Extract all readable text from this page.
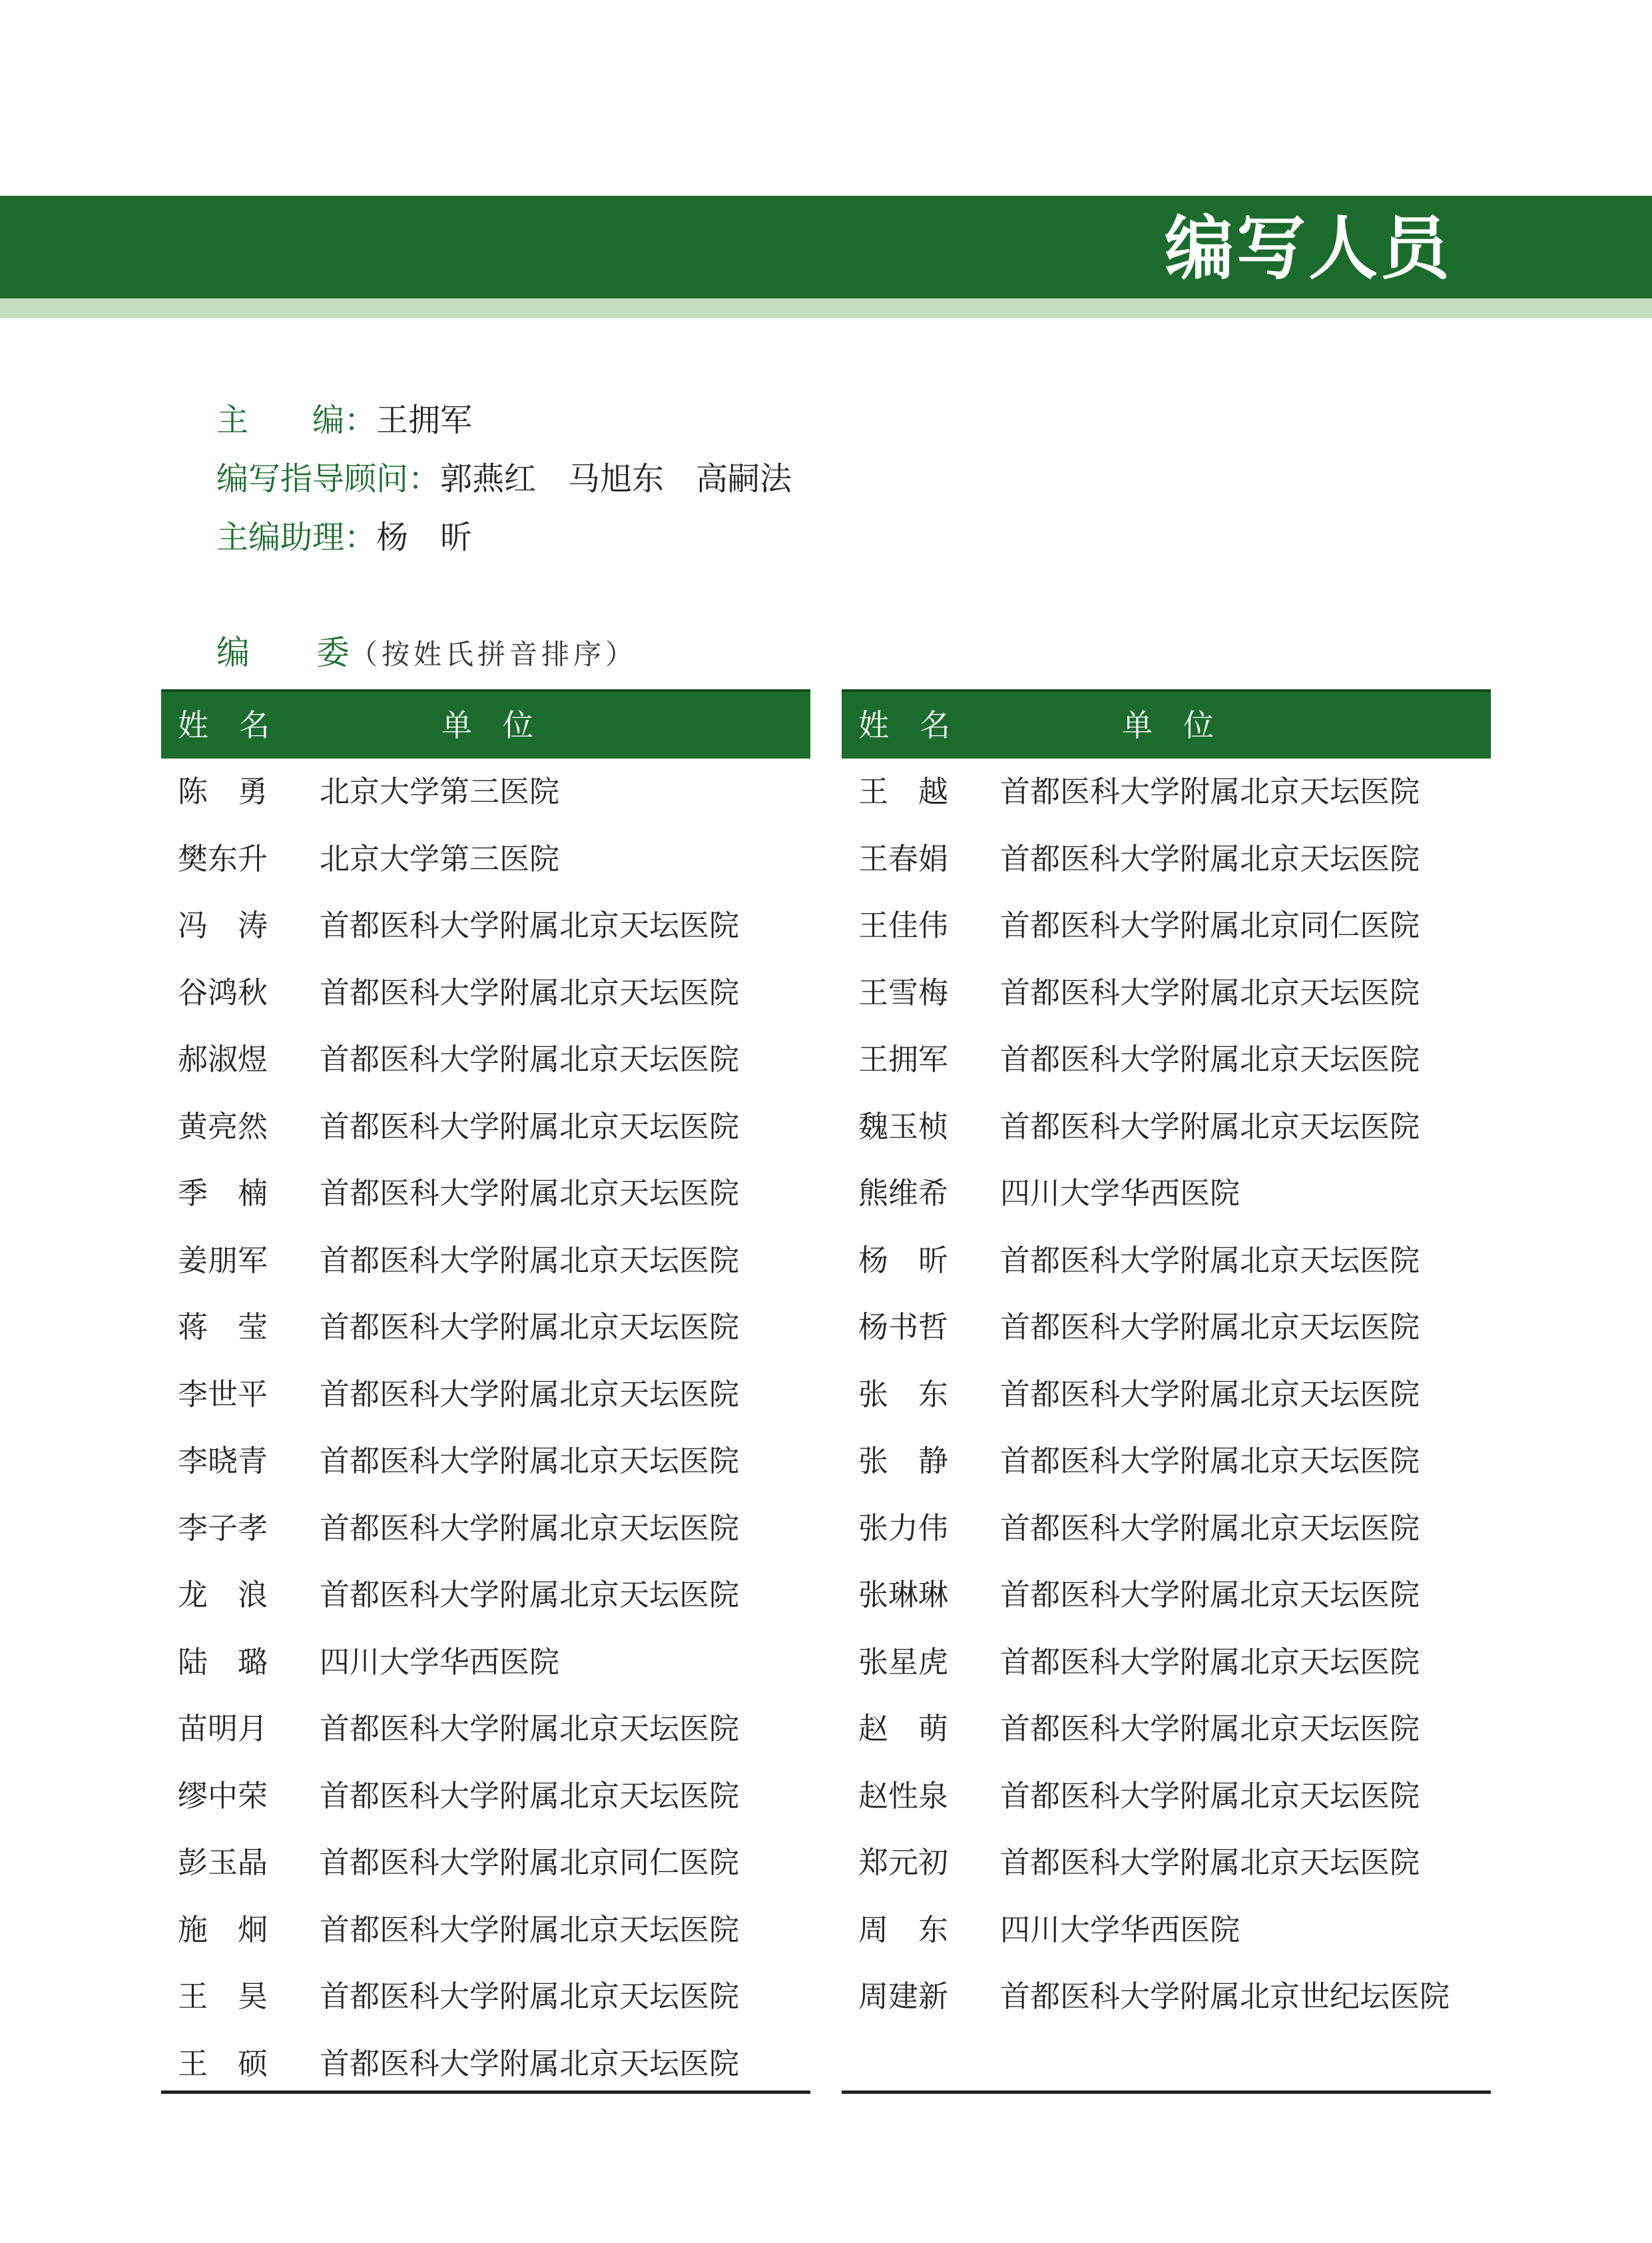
编写人员
主　　编：王拥军
编写指导顾问：郭燕红　马旭东　高嗣法
主编助理：杨　昕
编　　委（按姓氏拼音排序）
姓　名	单　位
陈　勇 北京大学第三医院
樊东升 北京大学第三医院
冯　涛 首都医科大学附属北京天坛医院
谷鸿秋 首都医科大学附属北京天坛医院
郝淑煜 首都医科大学附属北京天坛医院
黄亮然 首都医科大学附属北京天坛医院
季　楠 首都医科大学附属北京天坛医院
姜朋军 首都医科大学附属北京天坛医院
蒋　莹 首都医科大学附属北京天坛医院
李世平 首都医科大学附属北京天坛医院
李晓青 首都医科大学附属北京天坛医院
李子孝 首都医科大学附属北京天坛医院
龙　浪 首都医科大学附属北京天坛医院
陆　璐 四川大学华西医院
苗明月 首都医科大学附属北京天坛医院
缪中荣 首都医科大学附属北京天坛医院
彭玉晶 首都医科大学附属北京同仁医院
施　炯 首都医科大学附属北京天坛医院
王　昊 首都医科大学附属北京天坛医院
王　硕 首都医科大学附属北京天坛医院
姓　名	单　位
王　越 首都医科大学附属北京天坛医院
王春娟 首都医科大学附属北京天坛医院
王佳伟 首都医科大学附属北京同仁医院
王雪梅 首都医科大学附属北京天坛医院
王拥军 首都医科大学附属北京天坛医院
魏玉桢 首都医科大学附属北京天坛医院
熊维希 四川大学华西医院
杨　昕 首都医科大学附属北京天坛医院
杨书哲 首都医科大学附属北京天坛医院
张　东 首都医科大学附属北京天坛医院
张　静 首都医科大学附属北京天坛医院
张力伟 首都医科大学附属北京天坛医院
张琳琳 首都医科大学附属北京天坛医院
张星虎 首都医科大学附属北京天坛医院
赵　萌 首都医科大学附属北京天坛医院
赵性泉 首都医科大学附属北京天坛医院
郑元初 首都医科大学附属北京天坛医院
周　东 四川大学华西医院
周建新 首都医科大学附属北京世纪坛医院
